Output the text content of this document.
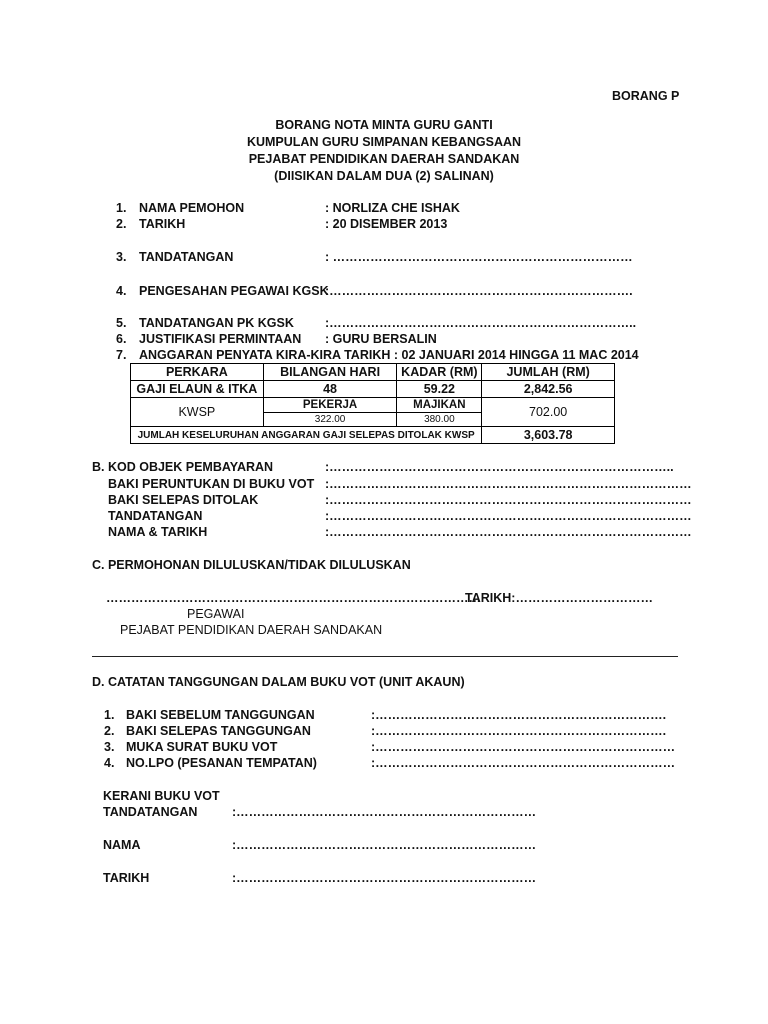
BORANG P
BORANG NOTA MINTA GURU GANTI
KUMPULAN GURU SIMPANAN KEBANGSAAN
PEJABAT PENDIDIKAN DAERAH SANDAKAN
(DIISIKAN DALAM DUA (2) SALINAN)
1. NAMA PEMOHON	: NORLIZA CHE ISHAK
2. TARIKH	: 20 DISEMBER 2013
3. TANDATANGAN	: ………………………………………………………………
4. PENGESAHAN PEGAWAI KGSK
:……………………………………………………………….
5. TANDATANGAN PK KGSK :………………………………………………………………..
6. JUSTIFIKASI PERMINTAAN : GURU BERSALIN
7. ANGGARAN PENYATA KIRA-KIRA TARIKH : 02 JANUARI 2014 HINGGA 11 MAC 2014
PERKARA	BILANGAN HARI	KADAR (RM)	JUMLAH (RM)
GAJI ELAUN & ITKA	48	59.22	2,842.56
KWSP	PEKERJA	MAJIKAN	702.00
	322.00	380.00	
JUMLAH KESELURUHAN ANGGARAN GAJI SELEPAS DITOLAK KWSP			3,603.78
B. KOD OBJEK PEMBAYARAN	:………………………………………………………………………..
BAKI PERUNTUKAN DI BUKU VOT :……………………………………………………………………………
BAKI SELEPAS DITOLAK	:……………………………………………………………………………
TANDATANGAN	:……………………………………………………………………………
NAMA & TARIKH	:……………………………………………………………………………
C. PERMOHONAN DILULUSKAN/TIDAK DILULUSKAN
………………………………………………………………………………
TARIKH:……………………………
PEGAWAI
PEJABAT PENDIDIKAN DAERAH SANDAKAN
D. CATATAN TANGGUNGAN DALAM BUKU VOT (UNIT AKAUN)
1. BAKI SEBELUM TANGGUNGAN	:…………………………………………………………….
2. BAKI SELEPAS TANGGUNGAN	:…………………………………………………………….
3. MUKA SURAT BUKU VOT	:………………………………………………………………
4. NO.LPO (PESANAN TEMPATAN)	:………………………………………………………………
KERANI BUKU VOT
TANDATANGAN	:………………………………………………………………
NAMA	:………………………………………………………………
TARIKH	:………………………………………………………………
